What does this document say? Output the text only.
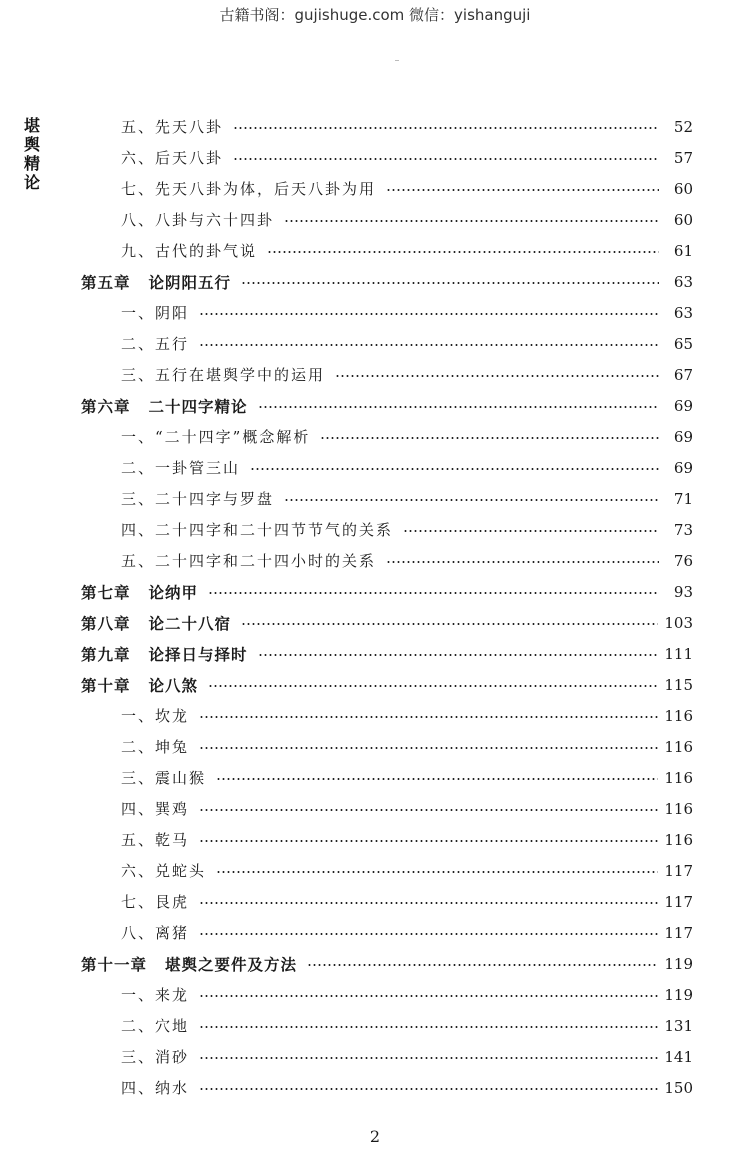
古籍书阁：gujishuge.com 微信：yishanguji
堪
舆
精
论
五、先天八卦	52
六、后天八卦	57
七、先天八卦为体，后天八卦为用	60
八、八卦与六十四卦	60
九、古代的卦气说	61
第五章 论阴阳五行	63
一、阴阳	63
二、五行	65
三、五行在堪舆学中的运用	67
第六章 二十四字精论	69
一、“二十四字”概念解析	69
二、一卦管三山	69
三、二十四字与罗盘	71
四、二十四字和二十四节节气的关系	73
五、二十四字和二十四小时的关系	76
第七章 论纳甲	93
第八章 论二十八宿	103
第九章 论择日与择时	111
第十章 论八煞	115
一、坎龙	116
二、坤兔	116
三、震山猴	116
四、巽鸡	116
五、乾马	116
六、兑蛇头	117
七、艮虎	117
八、离猪	117
第十一章 堪舆之要件及方法	119
一、来龙	119
二、穴地	131
三、消砂	141
四、纳水	150
2
